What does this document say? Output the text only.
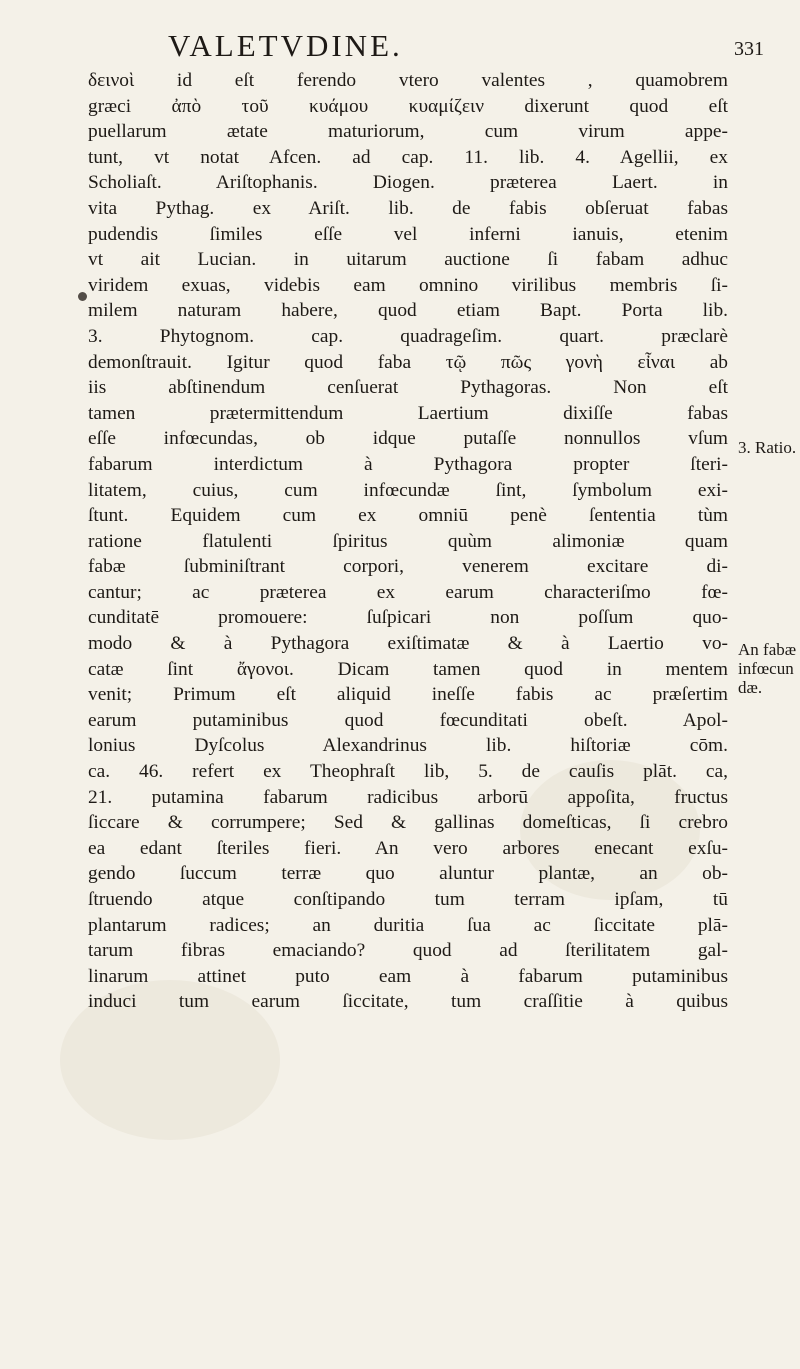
VALETVDINE.	331
δεινοὶ id eſt ferendo vtero valentes , quamobrem
græci ἀπὸ τοῦ κυάμου κυαμίζειν dixerunt quod eſt
puellarum ætate maturiorum, cum virum appe-
tunt, vt notat Afcen. ad cap. 11. lib. 4. Agellii, ex
Scholiaſt. Ariſtophanis. Diogen. præterea Laert. in
vita Pythag. ex Ariſt. lib. de fabis obſeruat fabas
pudendis ſimiles eſſe vel inferni ianuis, etenim
vt ait Lucian. in uitarum auctione ſi fabam adhuc
viridem exuas, videbis eam omnino virilibus membris ſi-
milem naturam habere, quod etiam Bapt. Porta lib.
3. Phytognom. cap. quadrageſim. quart. præclarè
demonſtrauit. Igitur quod faba τῷ πῶς γονὴ εἶναι ab
iis abſtinendum cenſuerat Pythagoras. Non eſt
tamen prætermittendum Laertium dixiſſe fabas
eſſe infœcundas, ob idque putaſſe nonnullos vſum
fabarum interdictum à Pythagora propter ſteri-
litatem, cuius, cum infœcundæ ſint, ſymbolum exi-
ſtunt. Equidem cum ex omniū penè ſententia tùm
ratione flatulenti ſpiritus quùm alimoniæ quam
fabæ ſubminiſtrant corpori, venerem excitare di-
cantur; ac præterea ex earum characteriſmo fœ-
cunditatē promouere: ſuſpicari non poſſum quo-
modo & à Pythagora exiſtimatæ & à Laertio vo-
catæ ſint ἄγονοι. Dicam tamen quod in mentem
venit; Primum eſt aliquid ineſſe fabis ac præſertim
earum putaminibus quod fœcunditati obeſt. Apol-
lonius Dyſcolus Alexandrinus lib. hiſtoriæ cōm.
ca. 46. refert ex Theophraſt lib, 5. de cauſis plāt. ca,
21. putamina fabarum radicibus arborū appoſita, fructus
ſiccare & corrumpere; Sed & gallinas domeſticas, ſi crebro
ea edant ſteriles fieri. An vero arbores enecant exſu-
gendo ſuccum terræ quo aluntur plantæ, an ob-
ſtruendo atque conſtipando tum terram ipſam, tū
plantarum radices; an duritia ſua ac ſiccitate plā-
tarum fibras emaciando? quod ad ſterilitatem gal-
linarum attinet puto eam à fabarum putaminibus
induci tum earum ſiccitate, tum craſſitie à quibus
3. Ratio.
An fabæ
infœcun
dæ.
